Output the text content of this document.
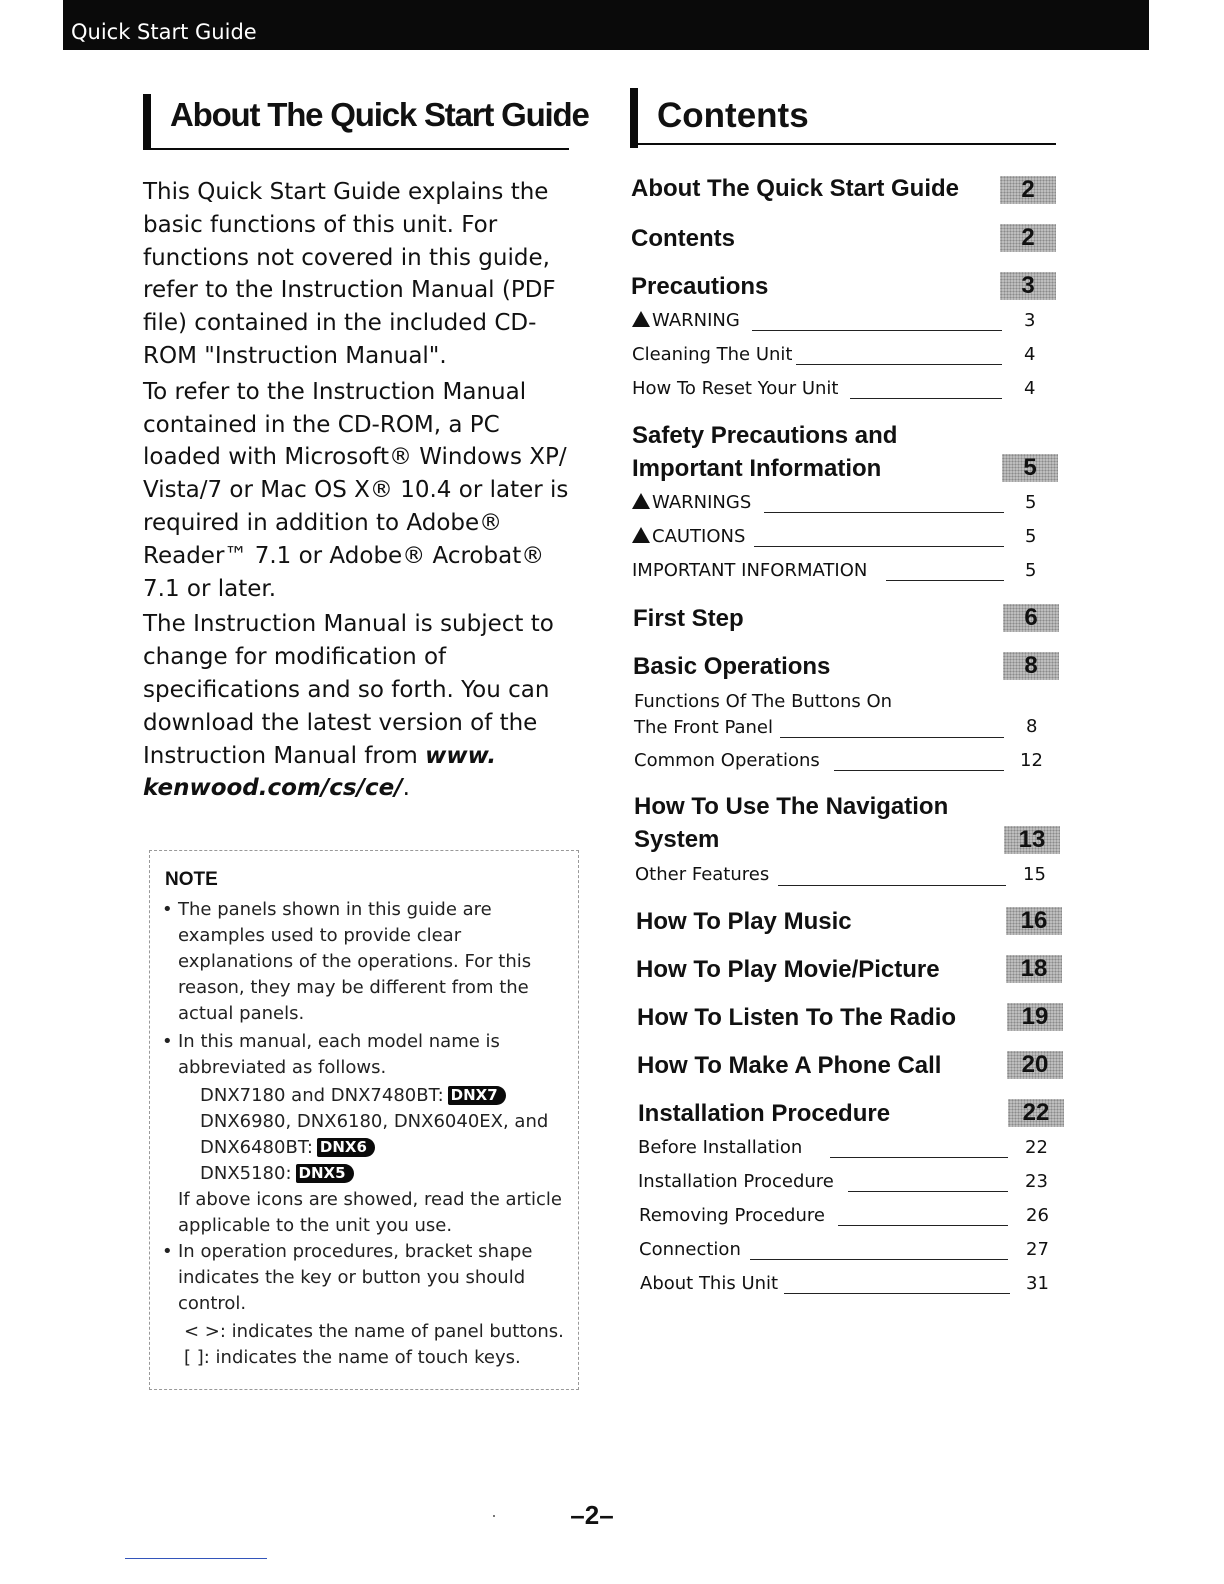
Quick Start Guide
About The Quick Start Guide

This Quick Start Guide explains the basic functions of this unit. For functions not covered in this guide, refer to the Instruction Manual (PDF file) contained in the included CD-ROM "Instruction Manual".

To refer to the Instruction Manual contained in the CD-ROM, a PC loaded with Microsoft® Windows XP/ Vista/7 or Mac OS X® 10.4 or later is required in addition to Adobe® Reader™ 7.1 or Adobe® Acrobat® 7.1 or later.

The Instruction Manual is subject to change for modification of specifications and so forth. You can download the latest version of the Instruction Manual from www. kenwood.com/cs/ce/.

NOTE
• The panels shown in this guide are examples used to provide clear explanations of the operations. For this reason, they may be different from the actual panels.
• In this manual, each model name is abbreviated as follows.
DNX7180 and DNX7480BT: DNX7
DNX6980, DNX6180, DNX6040EX, and
DNX6480BT: DNX6
DNX5180: DNX5
If above icons are showed, read the article applicable to the unit you use.
• In operation procedures, bracket shape indicates the key or button you should control.
< >: indicates the name of panel buttons.
[ ]: indicates the name of touch keys.
Contents
About The Quick Start Guide	2
Contents	2
Precautions	3
WARNING	3
Cleaning The Unit	4
How To Reset Your Unit	4
Safety Precautions and Important Information	5
WARNINGS	5
CAUTIONS	5
IMPORTANT INFORMATION	5
First Step	6
Basic Operations	8
Functions Of The Buttons On The Front Panel	8
Common Operations	12
How To Use The Navigation System	13
Other Features	15
How To Play Music	16
How To Play Movie/Picture	18
How To Listen To The Radio	19
How To Make A Phone Call	20
Installation Procedure	22
Before Installation	22
Installation Procedure	23
Removing Procedure	26
Connection	27
About This Unit	31
–2–
